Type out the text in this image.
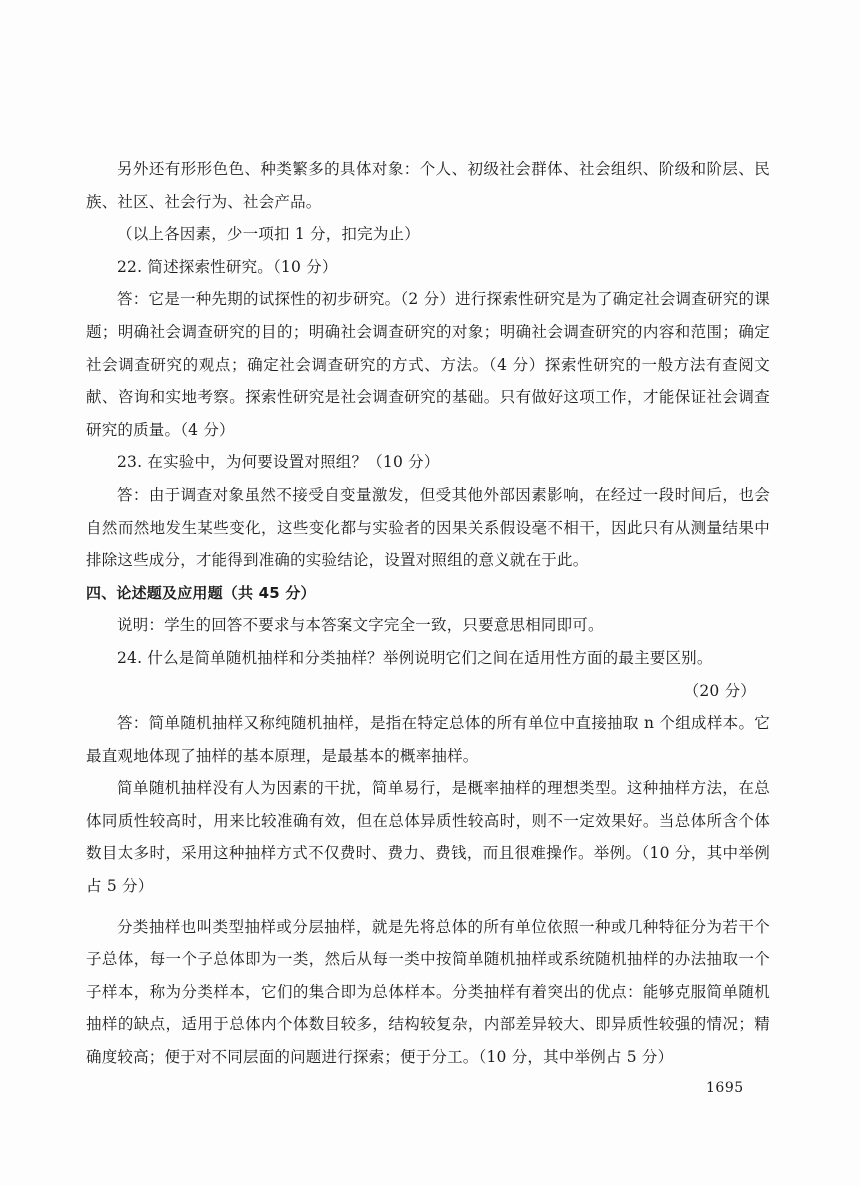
另外还有形形色色、种类繁多的具体对象：个人、初级社会群体、社会组织、阶级和阶层、民族、社区、社会行为、社会产品。

（以上各因素，少一项扣 1 分，扣完为止）

22. 简述探索性研究。（10 分）

答：它是一种先期的试探性的初步研究。（2 分）进行探索性研究是为了确定社会调查研究的课题；明确社会调查研究的目的；明确社会调查研究的对象；明确社会调查研究的内容和范围；确定社会调查研究的观点；确定社会调查研究的方式、方法。（4 分）探索性研究的一般方法有查阅文献、咨询和实地考察。探索性研究是社会调查研究的基础。只有做好这项工作，才能保证社会调查研究的质量。（4 分）

23. 在实验中，为何要设置对照组？（10 分）

答：由于调查对象虽然不接受自变量激发，但受其他外部因素影响，在经过一段时间后，也会自然而然地发生某些变化，这些变化都与实验者的因果关系假设毫不相干，因此只有从测量结果中排除这些成分，才能得到准确的实验结论，设置对照组的意义就在于此。

四、论述题及应用题（共 45 分）

说明：学生的回答不要求与本答案文字完全一致，只要意思相同即可。

24. 什么是简单随机抽样和分类抽样？举例说明它们之间在适用性方面的最主要区别。

（20 分）

答：简单随机抽样又称纯随机抽样，是指在特定总体的所有单位中直接抽取 n 个组成样本。它最直观地体现了抽样的基本原理，是最基本的概率抽样。

简单随机抽样没有人为因素的干扰，简单易行，是概率抽样的理想类型。这种抽样方法，在总体同质性较高时，用来比较准确有效，但在总体异质性较高时，则不一定效果好。当总体所含个体数目太多时，采用这种抽样方式不仅费时、费力、费钱，而且很难操作。举例。（10 分，其中举例占 5 分）

分类抽样也叫类型抽样或分层抽样，就是先将总体的所有单位依照一种或几种特征分为若干个子总体，每一个子总体即为一类，然后从每一类中按简单随机抽样或系统随机抽样的办法抽取一个子样本，称为分类样本，它们的集合即为总体样本。分类抽样有着突出的优点：能够克服简单随机抽样的缺点，适用于总体内个体数目较多，结构较复杂，内部差异较大、即异质性较强的情况；精确度较高；便于对不同层面的问题进行探索；便于分工。（10 分，其中举例占 5 分）

1695
